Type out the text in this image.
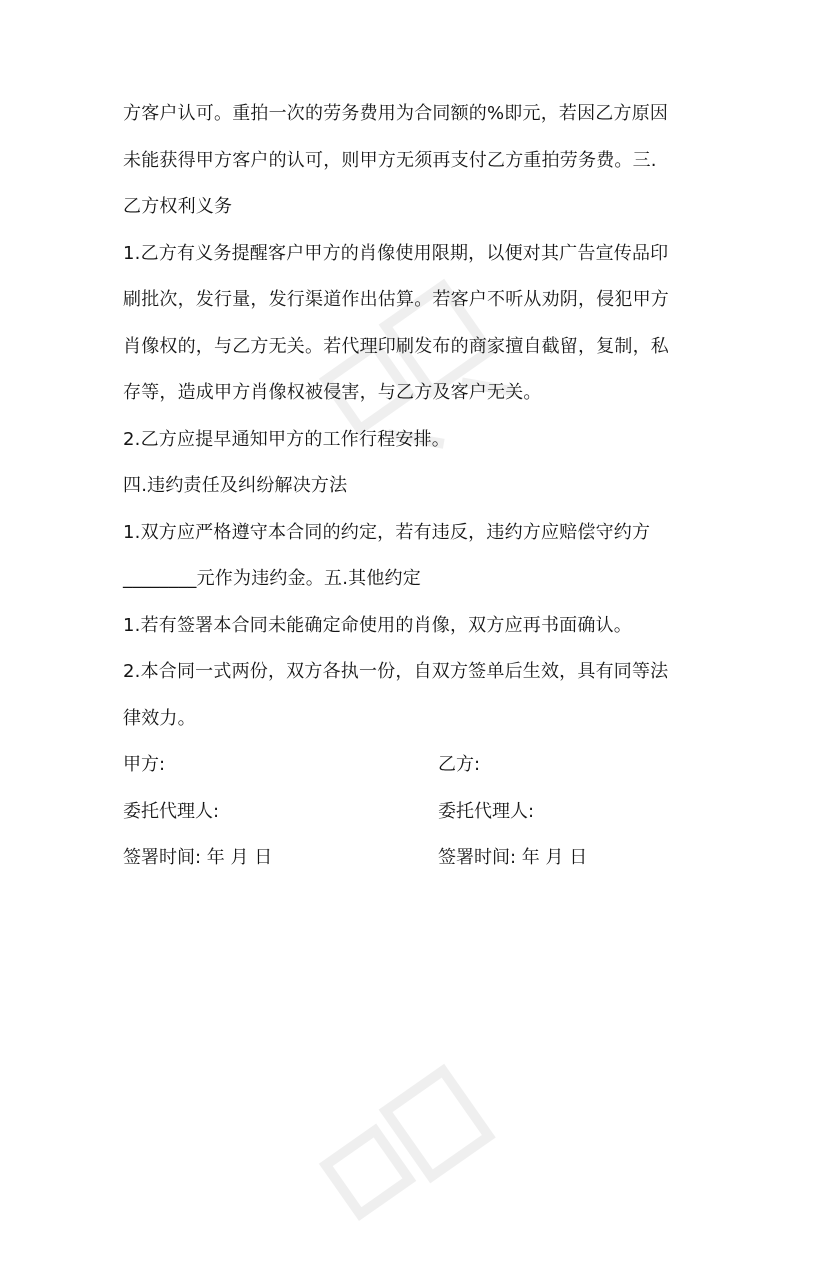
方客户认可。重拍一次的劳务费用为合同额的%即元，若因乙方原因
未能获得甲方客户的认可，则甲方无须再支付乙方重拍劳务费。三.
乙方权利义务
1.乙方有义务提醒客户甲方的肖像使用限期，以便对其广告宣传品印
刷批次，发行量，发行渠道作出估算。若客户不听从劝阴，侵犯甲方
肖像权的，与乙方无关。若代理印刷发布的商家擅自截留，复制，私
存等，造成甲方肖像权被侵害，与乙方及客户无关。
2.乙方应提早通知甲方的工作行程安排。
四.违约责任及纠纷解决方法
1.双方应严格遵守本合同的约定，若有违反，违约方应赔偿守约方
________元作为违约金。五.其他约定
1.若有签署本合同未能确定命使用的肖像，双方应再书面确认。
2.本合同一式两份，双方各执一份，自双方签单后生效，具有同等法
律效力。
甲方:	乙方:
委托代理人:	委托代理人:
签署时间: 年 月 日	签署时间: 年 月 日
